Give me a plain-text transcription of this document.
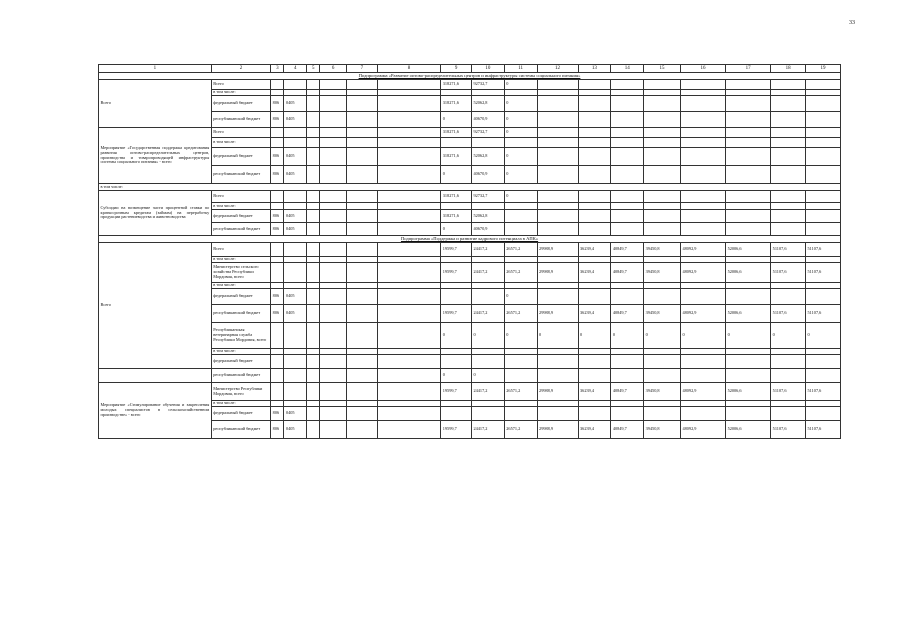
33
1	2	3	4	5	6	7	8	9	10	11	12	13	14	15	16	17	18	19
Подпрограмма «Развитие оптово-распределительных центров и инфраструктуры системы социального питания»																		
Всего	Всего							318271,6	92732,7	0								
	в том числе:																	
	федеральный бюджет	806	0405					318271,6	52062,8	0								
	республиканский бюджет	806	0405					0	40670,9	0								
Мероприятие «Государственная поддержка кредитования развития оптово-распределительных центров, производства и товаропроводящей инфраструктуры системы социального питания» - всего	Всего							318271,6	92732,7	0								
	в том числе:																	
	федеральный бюджет	806	0405					318271,6	52062,8	0								
	республиканский бюджет	806	0405					0	40670,9	0								
в том числе:																		
Субсидии на возмещение части процентной ставки по краткосрочным кредитам (займам) на переработку продукции растениеводства и животноводства	Всего							318271,6	92732,7	0								
	в том числе:																	
	федеральный бюджет	806	0405					318271,6	52062,8									
	республиканский бюджет	806	0405					0	40670,9									
Подпрограмма «Поддержка и развитие кадрового потенциала в АПК»																		
Всего	Всего							19599,7	24417,2	26571,2	29988,9	36239,4	40849,7	39450,8	48092,9	52006,6	51107,6	51107,6
	в том числе:																	
	Министерство сельского хозяйства Республики Мордовия, всего							19599,7	24417,2	26571,2	29988,9	36239,4	40849,7	39450,8	48092,9	52006,6	51107,6	51107,6
	в том числе:																	
	федеральный бюджет	806	0405							0								
	республиканский бюджет	806	0405					19599,7	24417,2	26571,2	29988,9	36239,4	40849,7	39450,8	48092,9	52006,6	51107,6	51107,6
	Республиканская ветеринарная служба Республики Мордовия, всего							0	0	0	0	0	0	0	0	0	0	0
	в том числе:																	
	федеральный бюджет																	
	республиканский бюджет							0	0									
Мероприятие «Стимулирование обучения и закрепления молодых специалистов в сельскохозяйственном производстве» - всего	Министерство Республики Мордовия, всего							19599,7	24417,2	26571,2	29988,9	36239,4	40849,7	39450,8	48092,9	52006,6	51107,6	51107,6
	в том числе:																	
	федеральный бюджет	806	0405															
	республиканский бюджет	806	0405					19599,7	24417,2	26571,2	29988,9	36239,4	40849,7	39450,8	48092,9	52006,6	51107,6	51107,6
